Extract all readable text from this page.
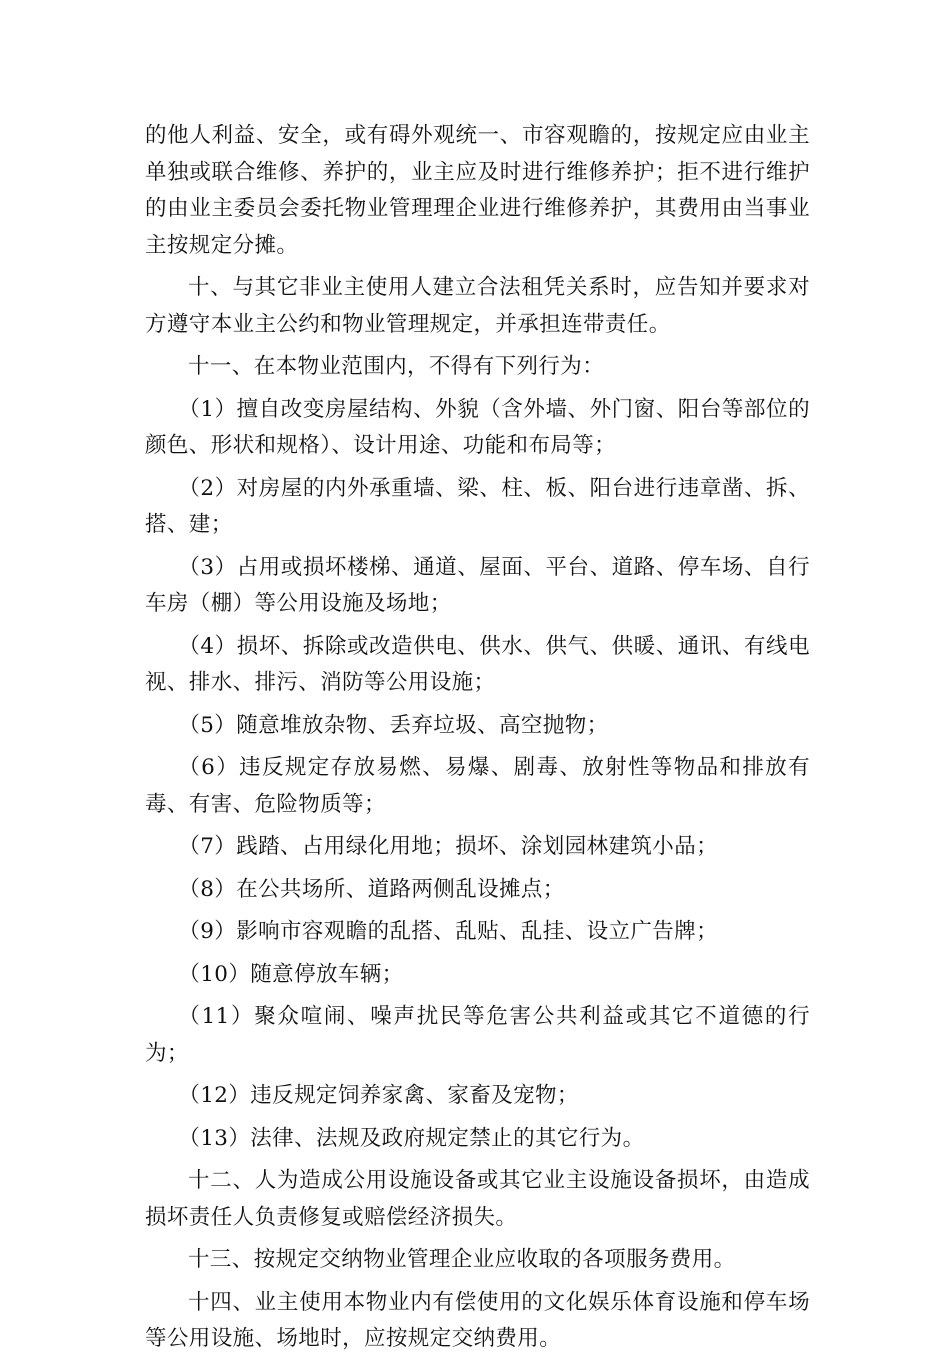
的他人利益、安全，或有碍外观统一、市容观瞻的，按规定应由业主单独或联合维修、养护的，业主应及时进行维修养护；拒不进行维护的由业主委员会委托物业管理理企业进行维修养护，其费用由当事业主按规定分摊。

十、与其它非业主使用人建立合法租凭关系时，应告知并要求对方遵守本业主公约和物业管理规定，并承担连带责任。

十一、在本物业范围内，不得有下列行为：

（1）擅自改变房屋结构、外貌（含外墙、外门窗、阳台等部位的颜色、形状和规格）、设计用途、功能和布局等；

（2）对房屋的内外承重墙、梁、柱、板、阳台进行违章凿、拆、搭、建；

（3）占用或损坏楼梯、通道、屋面、平台、道路、停车场、自行车房（棚）等公用设施及场地；

（4）损坏、拆除或改造供电、供水、供气、供暖、通讯、有线电视、排水、排污、消防等公用设施；

（5）随意堆放杂物、丢弃垃圾、高空抛物；

（6）违反规定存放易燃、易爆、剧毒、放射性等物品和排放有毒、有害、危险物质等；

（7）践踏、占用绿化用地；损坏、涂划园林建筑小品；

（8）在公共场所、道路两侧乱设摊点；

（9）影响市容观瞻的乱搭、乱贴、乱挂、设立广告牌；

（10）随意停放车辆；

（11）聚众喧闹、噪声扰民等危害公共利益或其它不道德的行为；

（12）违反规定饲养家禽、家畜及宠物；

（13）法律、法规及政府规定禁止的其它行为。

十二、人为造成公用设施设备或其它业主设施设备损坏，由造成损坏责任人负责修复或赔偿经济损失。

十三、按规定交纳物业管理企业应收取的各项服务费用。

十四、业主使用本物业内有偿使用的文化娱乐体育设施和停车场等公用设施、场地时，应按规定交纳费用。
